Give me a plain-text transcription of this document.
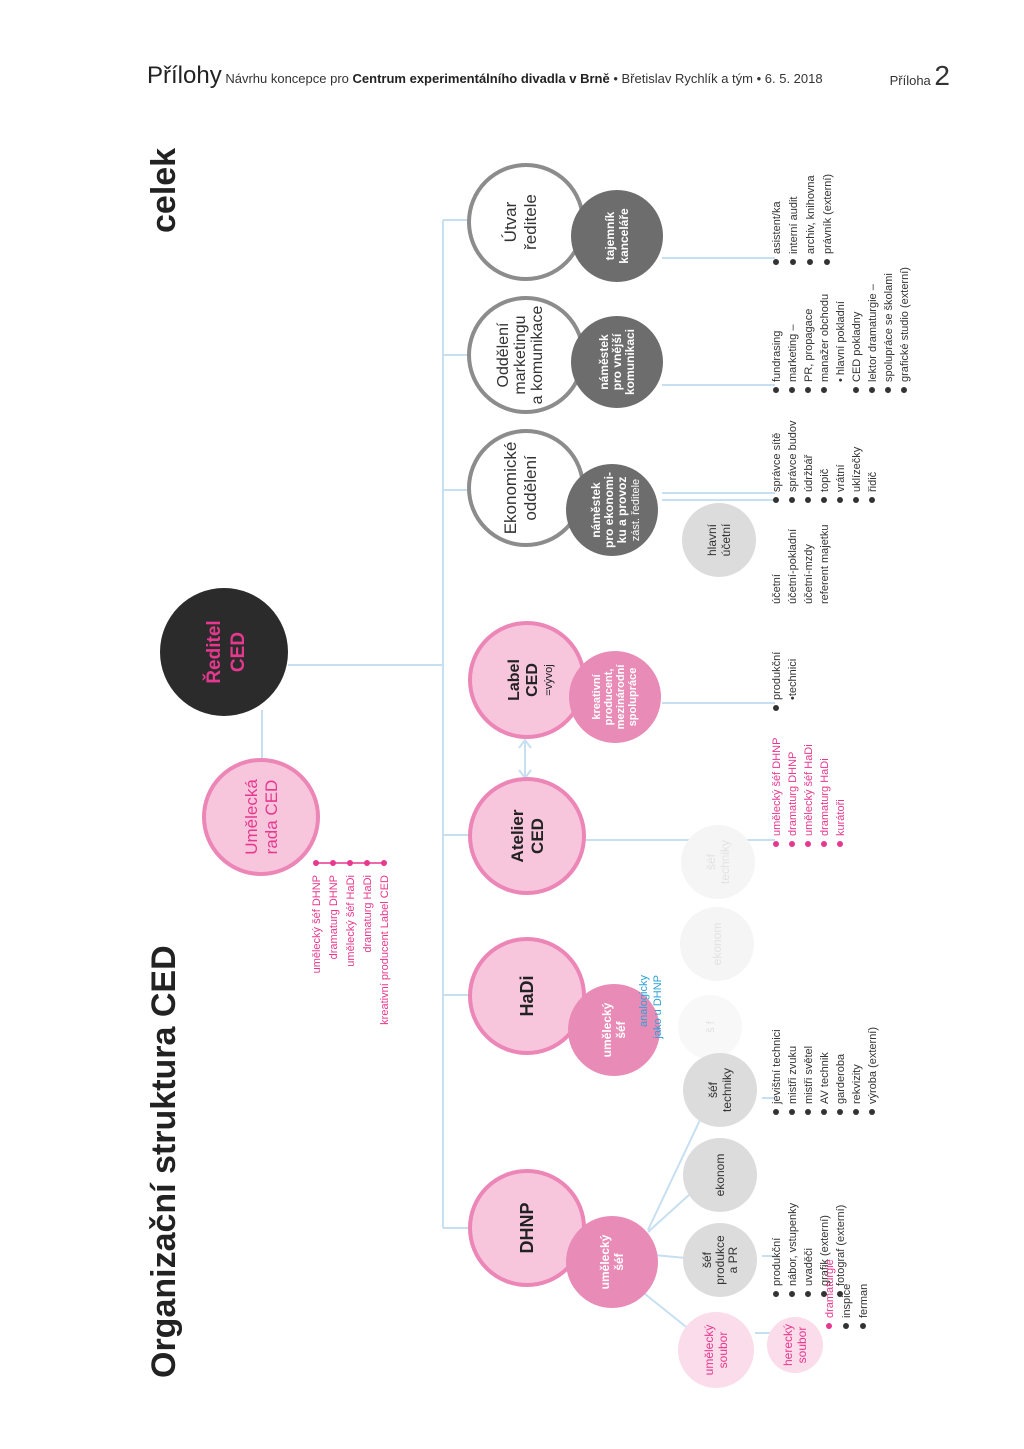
Přílohy Návrhu koncepce pro Centrum experimentálního divadla v Brně • Břetislav Rychlík a tým • 6. 5. 2018	Příloha 2
Organizační struktura CED
celek
Ředitel CED
Umělecká rada CED
umělecký šéf DHNP dramaturg DHNP umělecký šéf HaDi dramaturg HaDi kreativní producent Label CED
Útvar ředitele	tajemník kanceláře
Oddělení marketingu a komunikace	náměstek pro vnější komunikaci
Ekonomické oddělení	náměstek pro ekonomi- ku a provoz zást. ředitele	hlavní účetní
Label CED =vývoj	kreativní producent, mezinárodní spolupráce
Atelier CED
šéf techniky
HaDi
umělecký šéf
ekonom
š f
analogicky jako u DHNP
DHNP
umělecký šéf
šéf techniky
ekonom
šéf produkce a PR
umělecký soubor	herecký soubor
asistent/ka interní audit archiv, knihovna právník (externí)
fundrasing marketing – PR, propagace manažer obchodu • hlavní pokladní CED pokladny lektor dramaturgie – spolupráce se školami grafické studio (externí)
správce sítě správce budov údržbář topič vrátní uklízečky řidič
účetní účetní-pokladní účetní-mzdy referent majetku
produkční •technici
umělecký šéf DHNP dramaturg DHNP umělecký šéf HaDi dramaturg HaDi kurátoři
jevištní technici mistři zvuku mistři světel AV technik garderoba rekvizity výroba (externí)
produkční nábor, vstupenky uvaděči grafik (externí) fotograf (externí)
dramaturgie inspice ferman
